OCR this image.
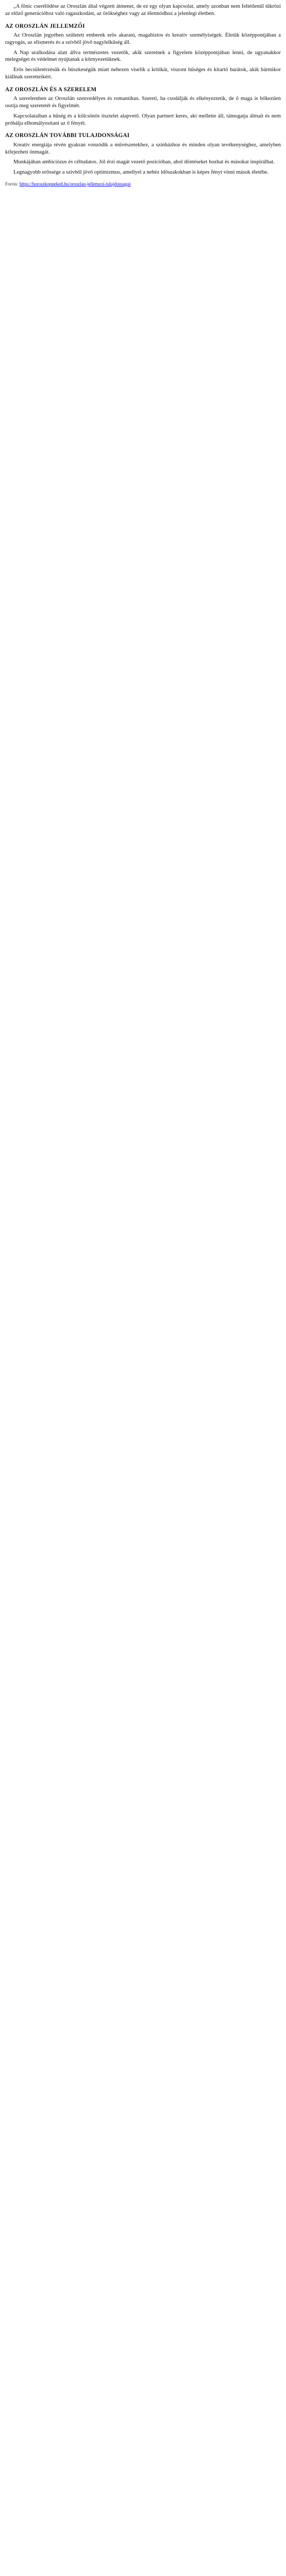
„A föníc cserélődése az Oroszlán által végzett átmenet, de ez egy olyan kapcsolat, amely azonban nem feltétlenül tükrözi az előző generációhoz való ragaszkodást, az örökséghez vagy az életmódhoz a jelenlegi életben.

AZ OROSZLÁN JELLEMZŐI

Az Oroszlán jegyében született emberek erős akaratú, magabiztos és kreatív személyiségek. Életük középpontjában a ragyogás, az elismerés és a szívből jövő nagylelkűség áll.

A Nap uralkodása alatt állva természetes vezetők, akik szeretnek a figyelem középpontjában lenni, de ugyanakkor melegséget és védelmet nyújtanak a környezetüknek.

Erős becsületérzésük és büszkeségük miatt nehezen viselik a kritikát, viszont hűséges és kitartó barátok, akik bármikor kiállnak szeretteikért.

AZ OROSZLÁN ÉS A SZERELEM

A szerelemben az Oroszlán szenvedélyes és romantikus. Szereti, ha csodálják és elkényeztetik, de ő maga is bőkezűen osztja meg szeretetét és figyelmét.

Kapcsolataiban a hűség és a kölcsönös tisztelet alapvető. Olyan partnert keres, aki mellette áll, támogatja álmait és nem próbálja elhomályosítani az ő fényét.

AZ OROSZLÁN TOVÁBBI TULAJDONSÁGAI

Kreatív energiája révén gyakran vonzódik a művészetekhez, a színházhoz és minden olyan tevékenységhez, amelyben kifejezheti önmagát.

Munkájában ambiciózus és céltudatos. Jól érzi magát vezető pozícióban, ahol döntéseket hozhat és másokat inspirálhat.

Legnagyobb erőssége a szívből jövő optimizmus, amellyel a nehéz időszakokban is képes fényt vinni mások életébe.

Forrás: https://horoszkopneked.hu/oroszlan-jellemzoi-tulajdonsagai
